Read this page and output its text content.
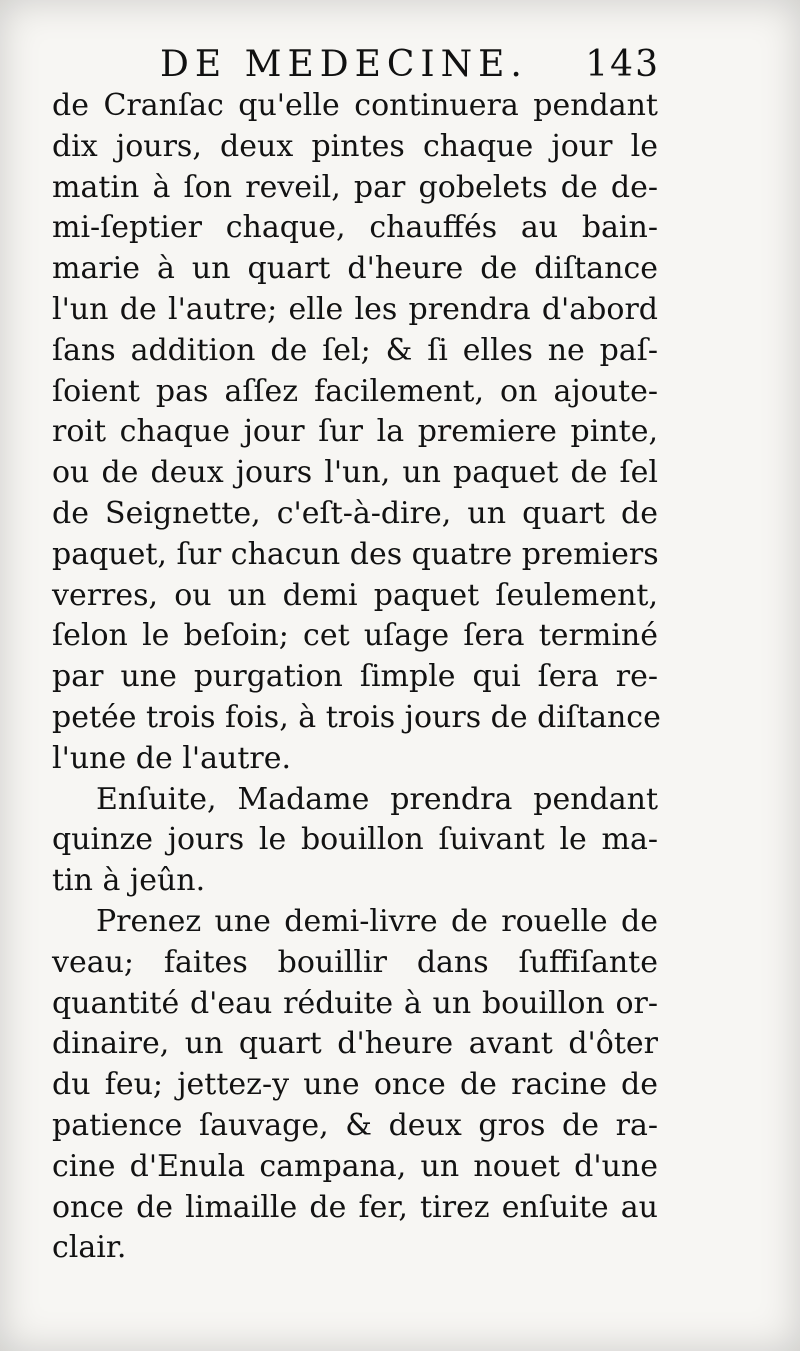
DE MEDECINE. 143
de Cranſac qu'elle continuera pendant
dix jours, deux pintes chaque jour le
matin à ſon reveil, par gobelets de de-
mi-ſeptier chaque, chauffés au bain-
marie à un quart d'heure de diſtance
l'un de l'autre; elle les prendra d'abord
ſans addition de ſel; & ſi elles ne paſ-
ſoient pas aſſez facilement, on ajoute-
roit chaque jour ſur la premiere pinte,
ou de deux jours l'un, un paquet de ſel
de Seignette, c'eſt-à-dire, un quart de
paquet, ſur chacun des quatre premiers
verres, ou un demi paquet ſeulement,
ſelon le beſoin; cet uſage ſera terminé
par une purgation ſimple qui ſera re-
petée trois fois, à trois jours de diſtance
l'une de l'autre.
Enſuite, Madame prendra pendant
quinze jours le bouillon ſuivant le ma-
tin à jeûn.
Prenez une demi-livre de rouelle de
veau; faites bouillir dans ſuffiſante
quantité d'eau réduite à un bouillon or-
dinaire, un quart d'heure avant d'ôter
du feu; jettez-y une once de racine de
patience ſauvage, & deux gros de ra-
cine d'Enula campana, un nouet d'une
once de limaille de fer, tirez enſuite au
clair.
